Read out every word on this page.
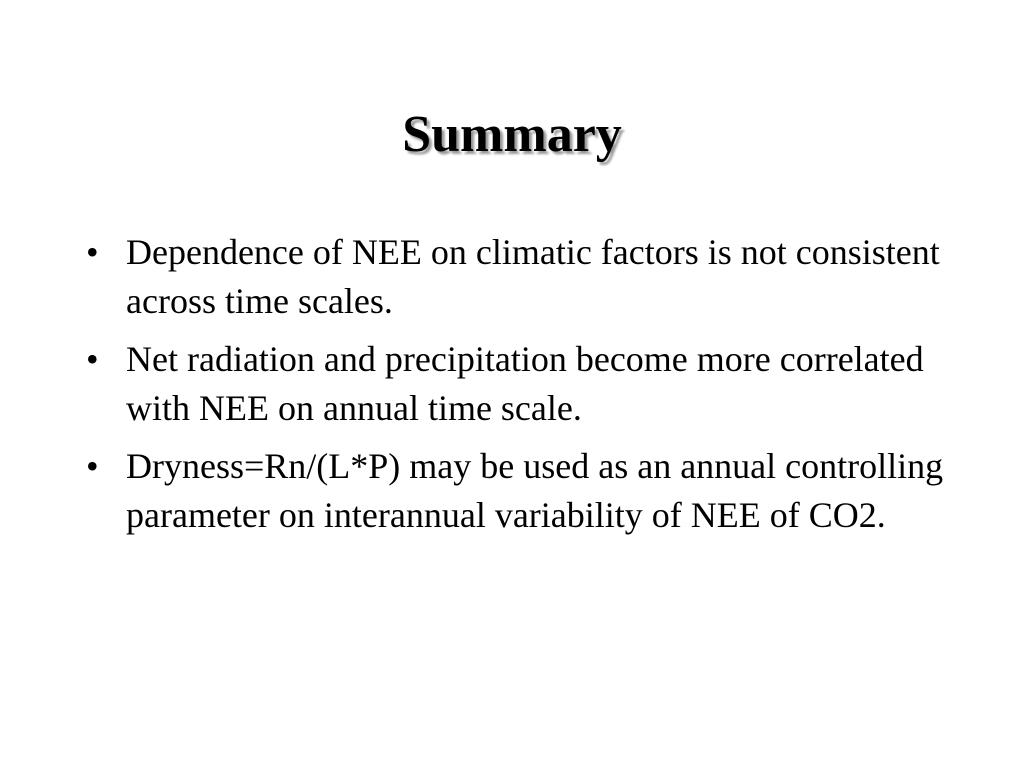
Summary
• Dependence of NEE on climatic factors is not consistent across time scales.
• Net radiation and precipitation become more correlated with NEE on annual time scale.
• Dryness=Rn/(L*P) may be used as an annual controlling parameter on interannual variability of NEE of CO2.
